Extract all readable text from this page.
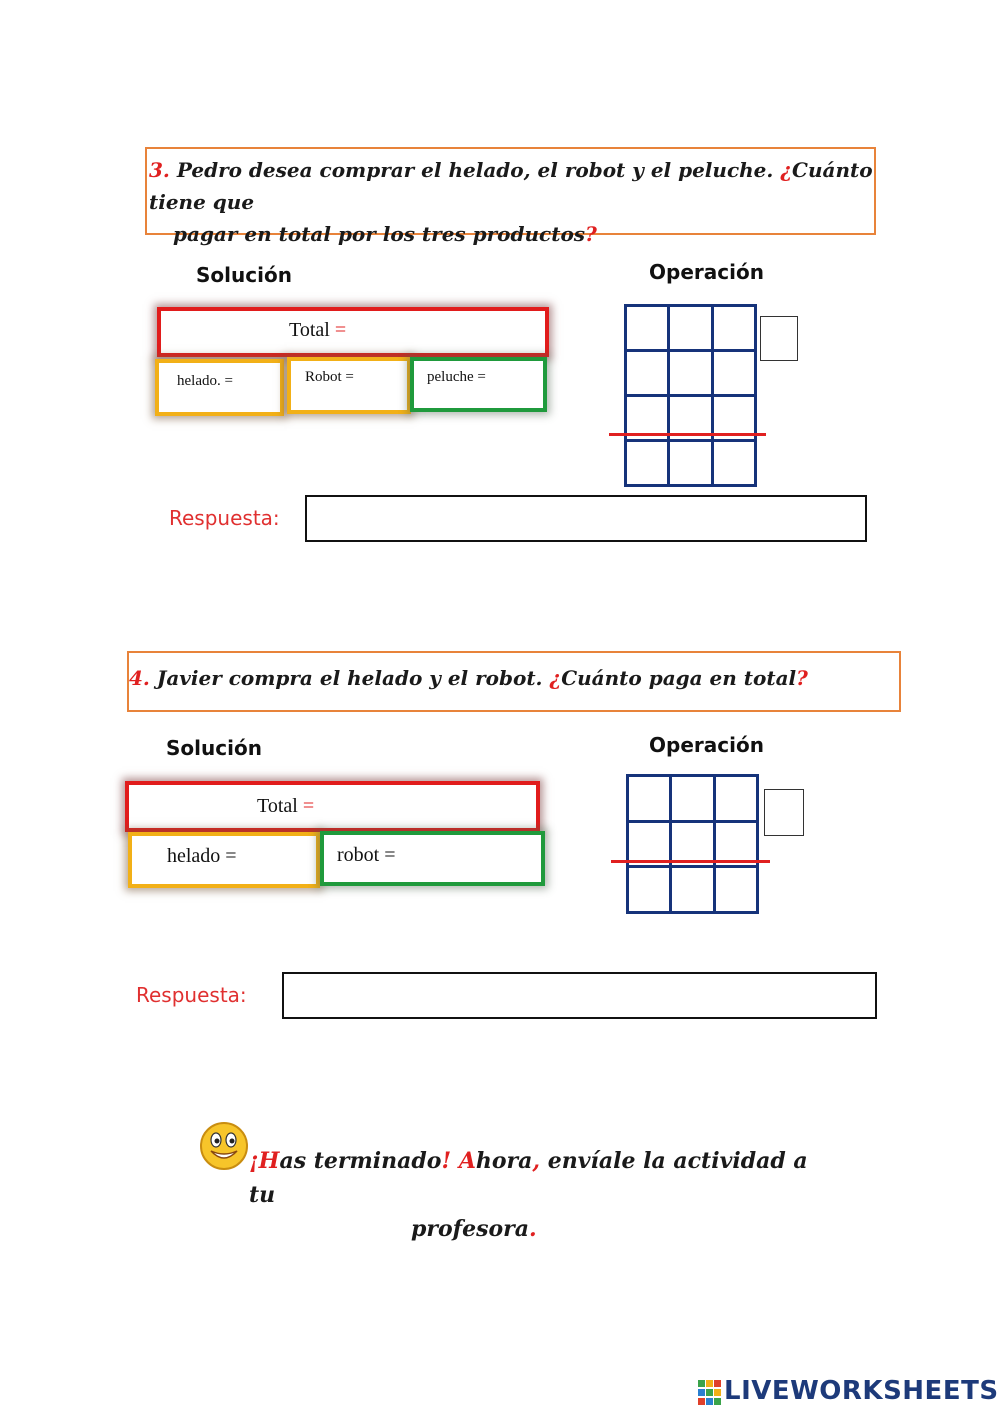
3. Pedro desea comprar el helado, el robot y el peluche. ¿Cuánto tiene que
pagar en total por los tres productos?
Solución	Operación
Total =
helado. =	Robot =	peluche =

Respuesta:
4. Javier compra el helado y el robot. ¿Cuánto paga en total?
Solución	Operación
Total =
helado =	robot =

Respuesta:
¡Has terminado! Ahora, envíale la actividad a tu
profesora.
LIVEWORKSHEETS
